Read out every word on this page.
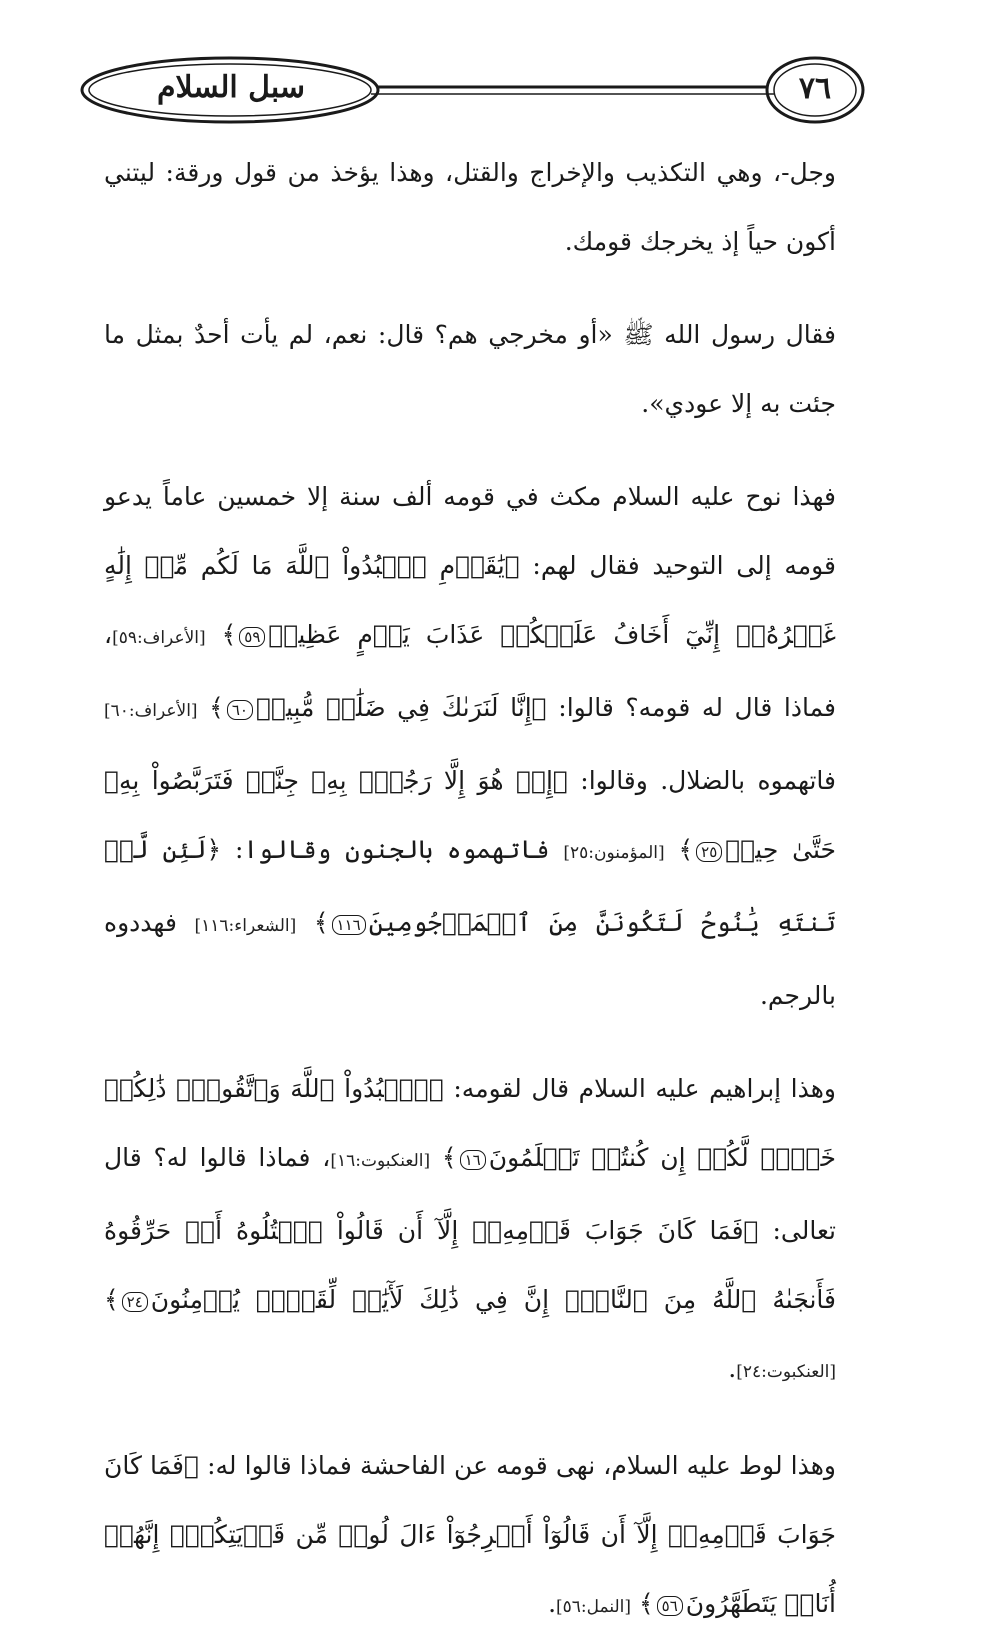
سبل السلام	٧٦

وجل-، وهي التكذيب والإخراج والقتل، وهذا يؤخذ من قول ورقة: ليتني أكون حياً إذ يخرجك قومك.

فقال رسول الله ﷺ «أو مخرجي هم؟ قال: نعم، لم يأت أحدٌ بمثل ما جئت به إلا عودي».

فهذا نوح عليه السلام مكث في قومه ألف سنة إلا خمسين عاماً يدعو قومه إلى التوحيد فقال لهم: ﴿يَٰقَوۡمِ ٱعۡبُدُواْ ٱللَّهَ مَا لَكُم مِّنۡ إِلَٰهٍ غَيۡرُهُۥٓ إِنِّيٓ أَخَافُ عَلَيۡكُمۡ عَذَابَ يَوۡمٍ عَظِيمٖ٥٩﴾ [الأعراف:٥٩]، فماذا قال له قومه؟ قالوا: ﴿إِنَّا لَنَرَىٰكَ فِي ضَلَٰلٖ مُّبِينٖ٦٠﴾ [الأعراف:٦٠] فاتهموه بالضلال. وقالوا: ﴿إِنۡ هُوَ إِلَّا رَجُلُۢ بِهِۦ جِنَّةٞ فَتَرَبَّصُواْ بِهِۦ حَتَّىٰ حِينٖ٢٥﴾ [المؤمنون:٢٥] فاتهموه بالجنون وقالوا: ﴿لَئِن لَّمۡ تَنتَهِ يَٰنُوحُ لَتَكُونَنَّ مِنَ ٱلۡمَرۡجُومِينَ١١٦﴾ [الشعراء:١١٦] فهددوه بالرجم.

وهذا إبراهيم عليه السلام قال لقومه: ﴿ٱعۡبُدُواْ ٱللَّهَ وَٱتَّقُوهُۖ ذَٰلِكُمۡ خَيۡرٞ لَّكُمۡ إِن كُنتُمۡ تَعۡلَمُونَ١٦﴾ [العنكبوت:١٦]، فماذا قالوا له؟ قال تعالى: ﴿فَمَا كَانَ جَوَابَ قَوۡمِهِۦٓ إِلَّآ أَن قَالُواْ ٱقۡتُلُوهُ أَوۡ حَرِّقُوهُ فَأَنجَىٰهُ ٱللَّهُ مِنَ ٱلنَّارِۚ إِنَّ فِي ذَٰلِكَ لَأٓيَٰتٖ لِّقَوۡمٖ يُؤۡمِنُونَ٢٤﴾ [العنكبوت:٢٤].

وهذا لوط عليه السلام، نهى قومه عن الفاحشة فماذا قالوا له: ﴿فَمَا كَانَ جَوَابَ قَوۡمِهِۦٓ إِلَّآ أَن قَالُوٓاْ أَخۡرِجُوٓاْ ءَالَ لُوطٖ مِّن قَرۡيَتِكُمۡۖ إِنَّهُمۡ أُنَاسٞ يَتَطَهَّرُونَ٥٦﴾ [النمل:٥٦].
